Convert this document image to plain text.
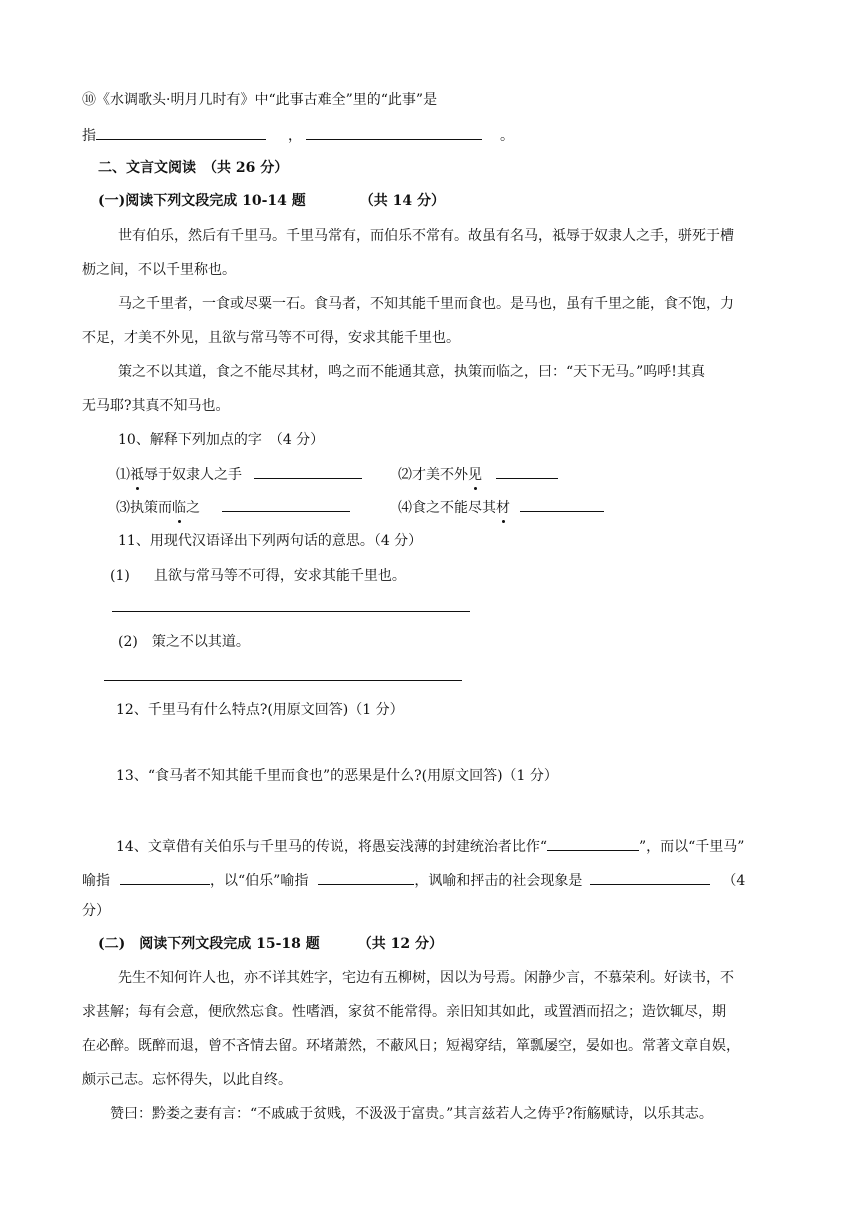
⑩《水调歌头·明月几时有》中“此事古难全”里的“此事”是
指	，	。
二、文言文阅读　（共 26 分）
(一)阅读下列文段完成 10-14 题	（共 14 分）
世有伯乐，然后有千里马。千里马常有，而伯乐不常有。故虽有名马，祗辱于奴隶人之手，骈死于槽
枥之间，不以千里称也。
马之千里者，一食或尽粟一石。食马者，不知其能千里而食也。是马也，虽有千里之能，食不饱，力
不足，才美不外见，且欲与常马等不可得，安求其能千里也。
策之不以其道，食之不能尽其材，鸣之而不能通其意，执策而临之，曰：“天下无马。”呜呼!其真
无马耶?其真不知马也。
10、解释下列加点的字　（4 分）
⑴祗辱于奴隶人之手	⑵才美不外见
⑶执策而临之	⑷食之不能尽其材
11、用现代汉语译出下列两句话的意思。（4 分）
(1) 且欲与常马等不可得，安求其能千里也。
(2) 策之不以其道。
12、千里马有什么特点?(用原文回答)（1 分）
13、“食马者不知其能千里而食也”的恶果是什么?(用原文回答)（1 分）
14、文章借有关伯乐与千里马的传说，将愚妄浅薄的封建统治者比作“	”，而以“千里马”
喻指	，以“伯乐”喻指	，讽喻和抨击的社会现象是	（4
分）
(二)　阅读下列文段完成 15-18 题	（共 12 分）
先生不知何许人也，亦不详其姓字，宅边有五柳树，因以为号焉。闲静少言，不慕荣利。好读书，不
求甚解；每有会意，便欣然忘食。性嗜酒，家贫不能常得。亲旧知其如此，或置酒而招之；造饮辄尽，期
在必醉。既醉而退，曾不吝情去留。环堵萧然，不蔽风日；短褐穿结，箪瓢屡空，晏如也。常著文章自娱，
颇示己志。忘怀得失，以此自终。
赞曰：黔娄之妻有言：“不戚戚于贫贱，不汲汲于富贵。”其言兹若人之俦乎?衔觞赋诗，以乐其志。
